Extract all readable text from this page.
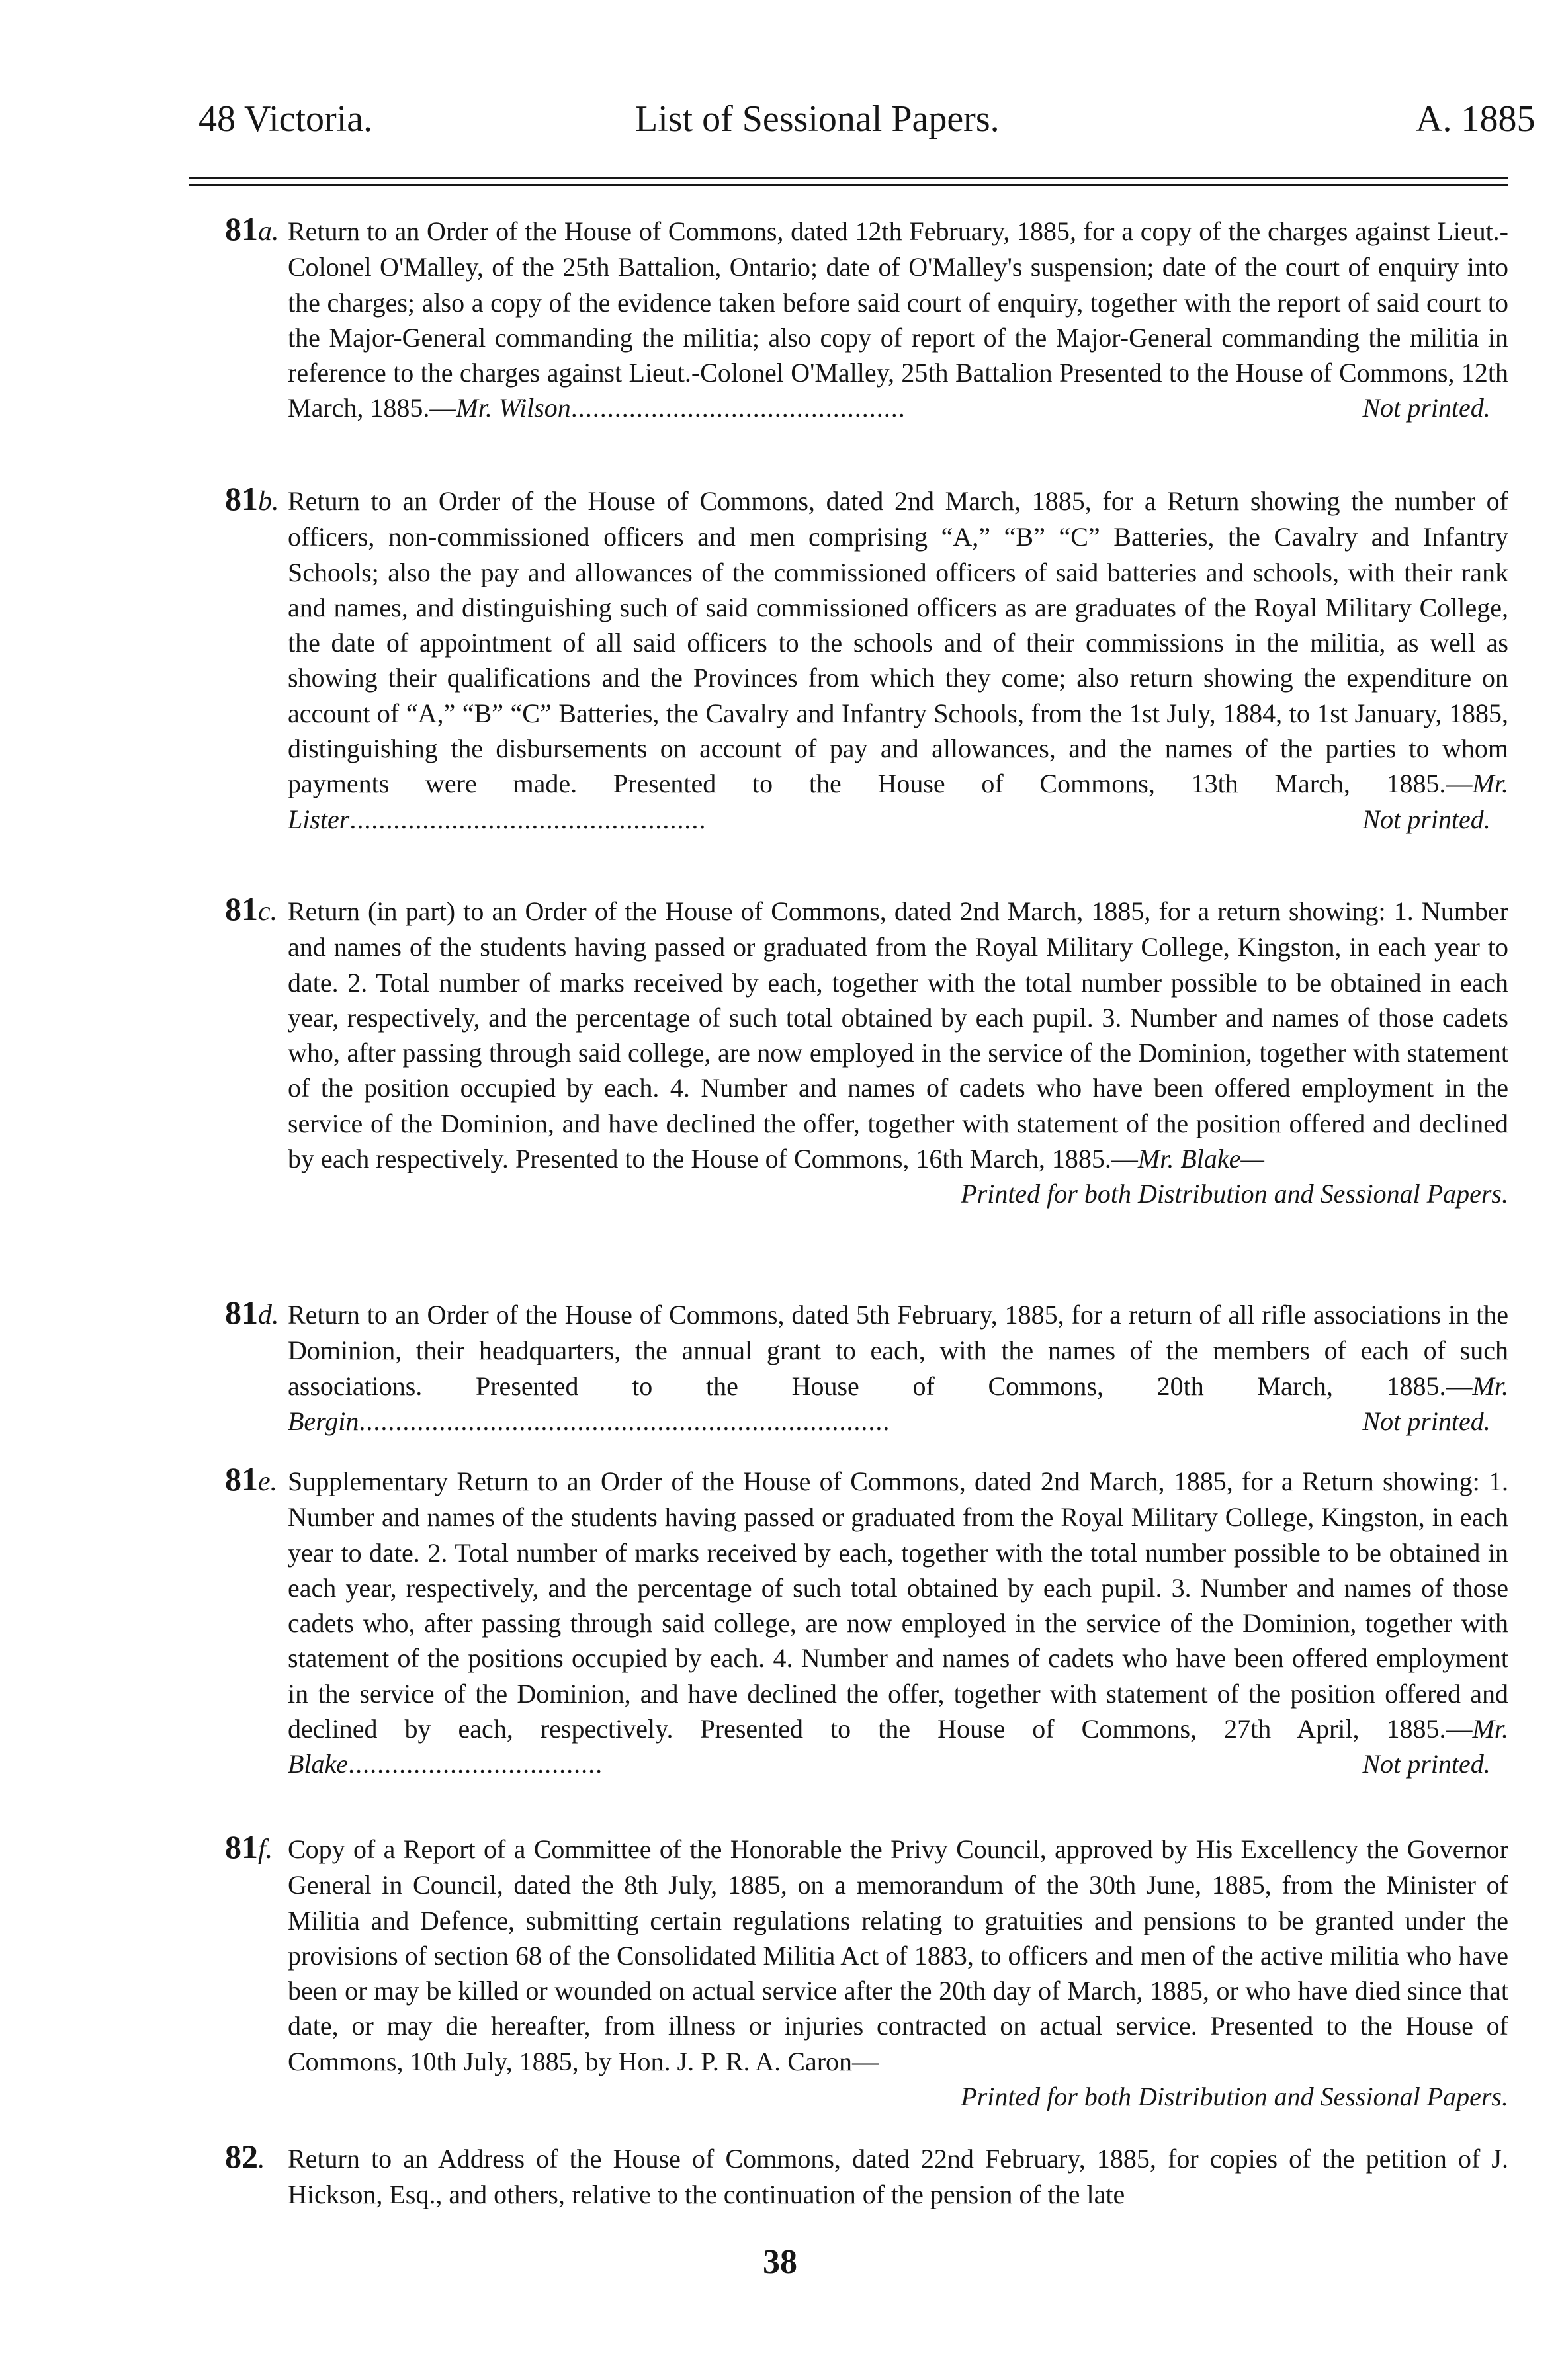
48 Victoria.	List of Sessional Papers.	A. 1885

81a. Return to an Order of the House of Commons, dated 12th February, 1885, for a copy of the charges against Lieut.-Colonel O'Malley, of the 25th Battalion, Ontario; date of O'Malley's suspension; date of the court of enquiry into the charges; also a copy of the evidence taken before said court of enquiry, together with the report of said court to the Major-General commanding the militia; also copy of report of the Major-General commanding the militia in reference to the charges against Lieut.-Colonel O'Malley, 25th Battalion Presented to the House of Commons, 12th March, 1885.—Mr. Wilson..............................................	Not printed.

81b. Return to an Order of the House of Commons, dated 2nd March, 1885, for a Return showing the number of officers, non-commissioned officers and men comprising “A,” “B” “C” Batteries, the Cavalry and Infantry Schools; also the pay and allowances of the commissioned officers of said batteries and schools, with their rank and names, and distinguishing such of said commissioned officers as are graduates of the Royal Military College, the date of appointment of all said officers to the schools and of their commissions in the militia, as well as showing their qualifications and the Provinces from which they come; also return showing the expenditure on account of “A,” “B” “C” Batteries, the Cavalry and Infantry Schools, from the 1st July, 1884, to 1st January, 1885, distinguishing the disbursements on account of pay and allowances, and the names of the parties to whom payments were made. Presented to the House of Commons, 13th March, 1885.—Mr. Lister.................................................	Not printed.

81c. Return (in part) to an Order of the House of Commons, dated 2nd March, 1885, for a return showing: 1. Number and names of the students having passed or graduated from the Royal Military College, Kingston, in each year to date. 2. Total number of marks received by each, together with the total number possible to be obtained in each year, respectively, and the percentage of such total obtained by each pupil. 3. Number and names of those cadets who, after passing through said college, are now employed in the service of the Dominion, together with statement of the position occupied by each. 4. Number and names of cadets who have been offered employment in the service of the Dominion, and have declined the offer, together with statement of the position offered and declined by each respectively. Presented to the House of Commons, 16th March, 1885.—Mr. Blake—

Printed for both Distribution and Sessional Papers.

81d. Return to an Order of the House of Commons, dated 5th February, 1885, for a return of all rifle associations in the Dominion, their headquarters, the annual grant to each, with the names of the members of each of such associations. Presented to the House of Commons, 20th March, 1885.—Mr. Bergin.........................................................................	Not printed.

81e. Supplementary Return to an Order of the House of Commons, dated 2nd March, 1885, for a Return showing: 1. Number and names of the students having passed or graduated from the Royal Military College, Kingston, in each year to date. 2. Total number of marks received by each, together with the total number possible to be obtained in each year, respectively, and the percentage of such total obtained by each pupil. 3. Number and names of those cadets who, after passing through said college, are now employed in the service of the Dominion, together with statement of the positions occupied by each. 4. Number and names of cadets who have been offered employment in the service of the Dominion, and have declined the offer, together with statement of the position offered and declined by each, respectively. Presented to the House of Commons, 27th April, 1885.—Mr. Blake...................................	Not printed.

81f. Copy of a Report of a Committee of the Honorable the Privy Council, approved by His Excellency the Governor General in Council, dated the 8th July, 1885, on a memorandum of the 30th June, 1885, from the Minister of Militia and Defence, submitting certain regulations relating to gratuities and pensions to be granted under the provisions of section 68 of the Consolidated Militia Act of 1883, to officers and men of the active militia who have been or may be killed or wounded on actual service after the 20th day of March, 1885, or who have died since that date, or may die hereafter, from illness or injuries contracted on actual service. Presented to the House of Commons, 10th July, 1885, by Hon. J. P. R. A. Caron—

Printed for both Distribution and Sessional Papers.

82. Return to an Address of the House of Commons, dated 22nd February, 1885, for copies of the petition of J. Hickson, Esq., and others, relative to the continuation of the pension of the late

38
